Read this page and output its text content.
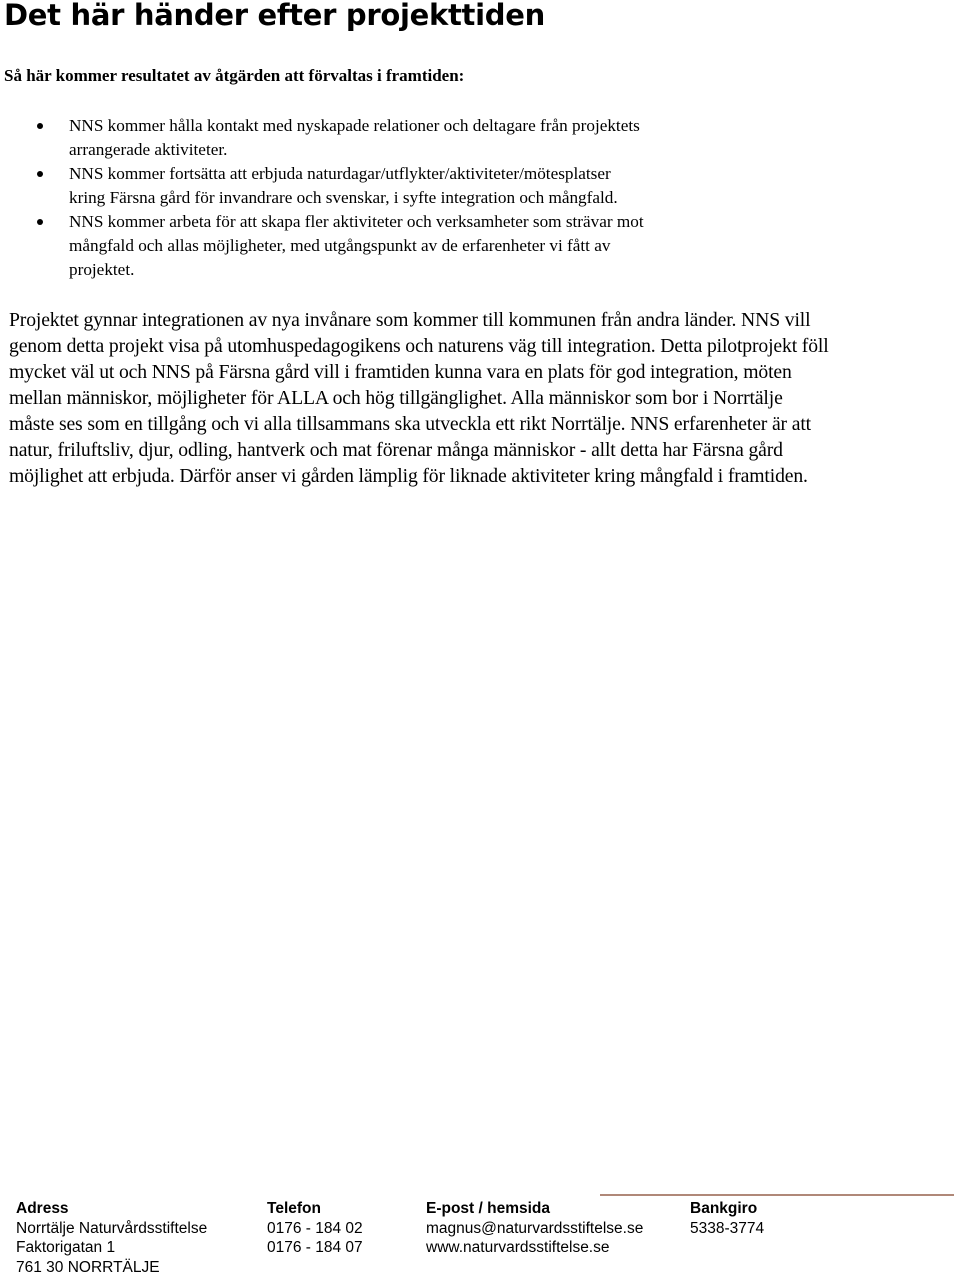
Det här händer efter projekttiden

Så här kommer resultatet av åtgärden att förvaltas i framtiden:

NNS kommer hålla kontakt med nyskapade relationer och deltagare från projektets
arrangerade aktiviteter.
NNS kommer fortsätta att erbjuda naturdagar/utflykter/aktiviteter/mötesplatser
kring Färsna gård för invandrare och svenskar, i syfte integration och mångfald.
NNS kommer arbeta för att skapa fler aktiviteter och verksamheter som strävar mot
mångfald och allas möjligheter, med utgångspunkt av de erfarenheter vi fått av
projektet.

Projektet gynnar integrationen av nya invånare som kommer till kommunen från andra länder. NNS vill
genom detta projekt visa på utomhuspedagogikens och naturens väg till integration. Detta pilotprojekt föll
mycket väl ut och NNS på Färsna gård vill i framtiden kunna vara en plats för god integration, möten
mellan människor, möjligheter för ALLA och hög tillgänglighet. Alla människor som bor i Norrtälje
måste ses som en tillgång och vi alla tillsammans ska utveckla ett rikt Norrtälje. NNS erfarenheter är att
natur, friluftsliv, djur, odling, hantverk och mat förenar många människor - allt detta har Färsna gård
möjlighet att erbjuda. Därför anser vi gården lämplig för liknade aktiviteter kring mångfald i framtiden.

Adress
Norrtälje Naturvårdsstiftelse
Faktorigatan 1
761 30 NORRTÄLJE
Telefon
0176 - 184 02
0176 - 184 07
E-post / hemsida
magnus@naturvardsstiftelse.se
www.naturvardsstiftelse.se
Bankgiro
5338-3774
